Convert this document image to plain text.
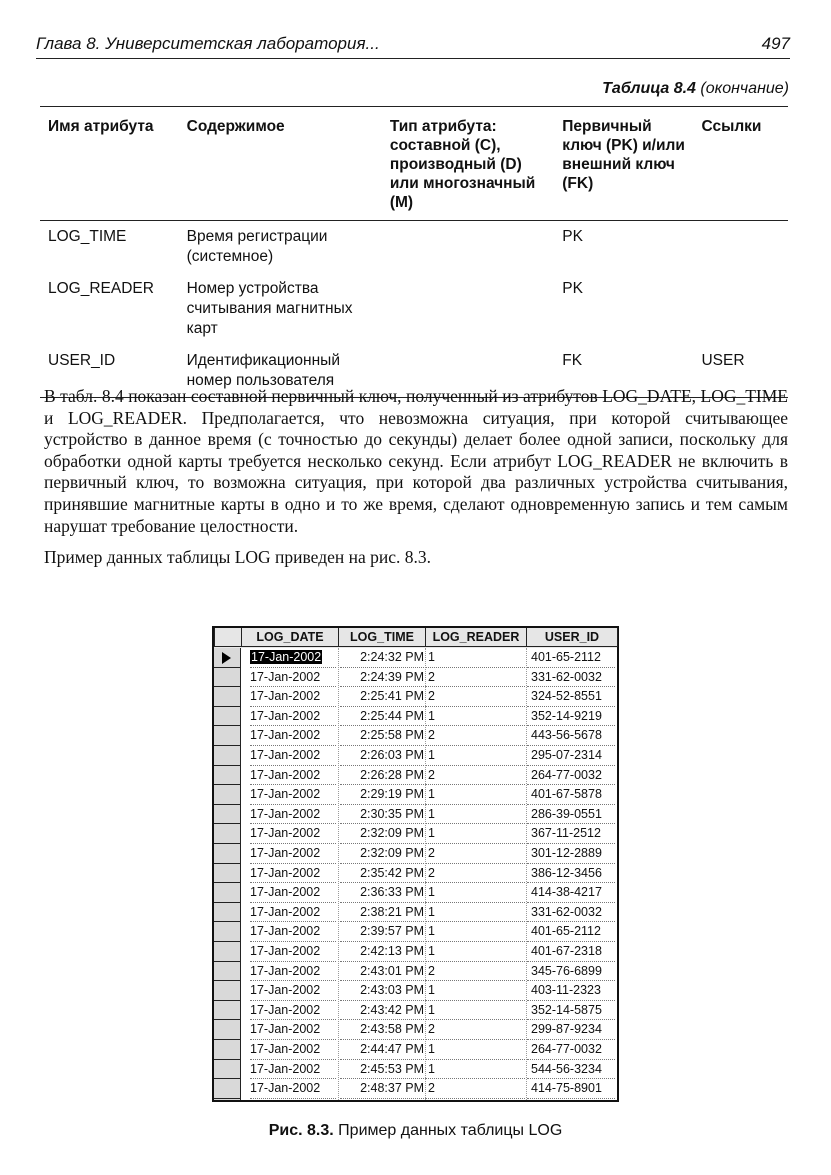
Глава 8. Университетская лаборатория...	497
Таблица 8.4 (окончание)
Имя атрибута	Содержимое	Тип атрибута: составной (C), производный (D) или многозначный (M)	Первичный ключ (PK) и/или внешний ключ (FK)	Ссылки
LOG_TIME	Время регистрации (системное)		PK	
LOG_READER	Номер устройства считывания магнитных карт		PK	
USER_ID	Идентификационный номер пользователя		FK	USER

В табл. 8.4 показан составной первичный ключ, полученный из атрибутов LOG_DATE, LOG_TIME и LOG_READER. Предполагается, что невозможна ситуация, при которой считывающее устройство в данное время (с точностью до секунды) делает более одной записи, поскольку для обработки одной карты требуется несколько секунд. Если атрибут LOG_READER не включить в первичный ключ, то возможна ситуация, при которой два различных устройства считывания, принявшие магнитные карты в одно и то же время, сделают одновременную запись и тем самым нарушат требование целостности.

Пример данных таблицы LOG приведен на рис. 8.3.

LOG_DATE	LOG_TIME	LOG_READER	USER_ID
17-Jan-2002	2:24:32 PM 1	401-65-2112
17-Jan-2002	2:24:39 PM 2	331-62-0032
17-Jan-2002	2:25:41 PM 2	324-52-8551
17-Jan-2002	2:25:44 PM 1	352-14-9219
17-Jan-2002	2:25:58 PM 2	443-56-5678
17-Jan-2002	2:26:03 PM 1	295-07-2314
17-Jan-2002	2:26:28 PM 2	264-77-0032
17-Jan-2002	2:29:19 PM 1	401-67-5878
17-Jan-2002	2:30:35 PM 1	286-39-0551
17-Jan-2002	2:32:09 PM 1	367-11-2512
17-Jan-2002	2:32:09 PM 2	301-12-2889
17-Jan-2002	2:35:42 PM 2	386-12-3456
17-Jan-2002	2:36:33 PM 1	414-38-4217
17-Jan-2002	2:38:21 PM 1	331-62-0032
17-Jan-2002	2:39:57 PM 1	401-65-2112
17-Jan-2002	2:42:13 PM 1	401-67-2318
17-Jan-2002	2:43:01 PM 2	345-76-6899
17-Jan-2002	2:43:03 PM 1	403-11-2323
17-Jan-2002	2:43:42 PM 1	352-14-5875
17-Jan-2002	2:43:58 PM 2	299-87-9234
17-Jan-2002	2:44:47 PM 1	264-77-0032
17-Jan-2002	2:45:53 PM 1	544-56-3234
17-Jan-2002	2:48:37 PM 2	414-75-8901
Рис. 8.3. Пример данных таблицы LOG
